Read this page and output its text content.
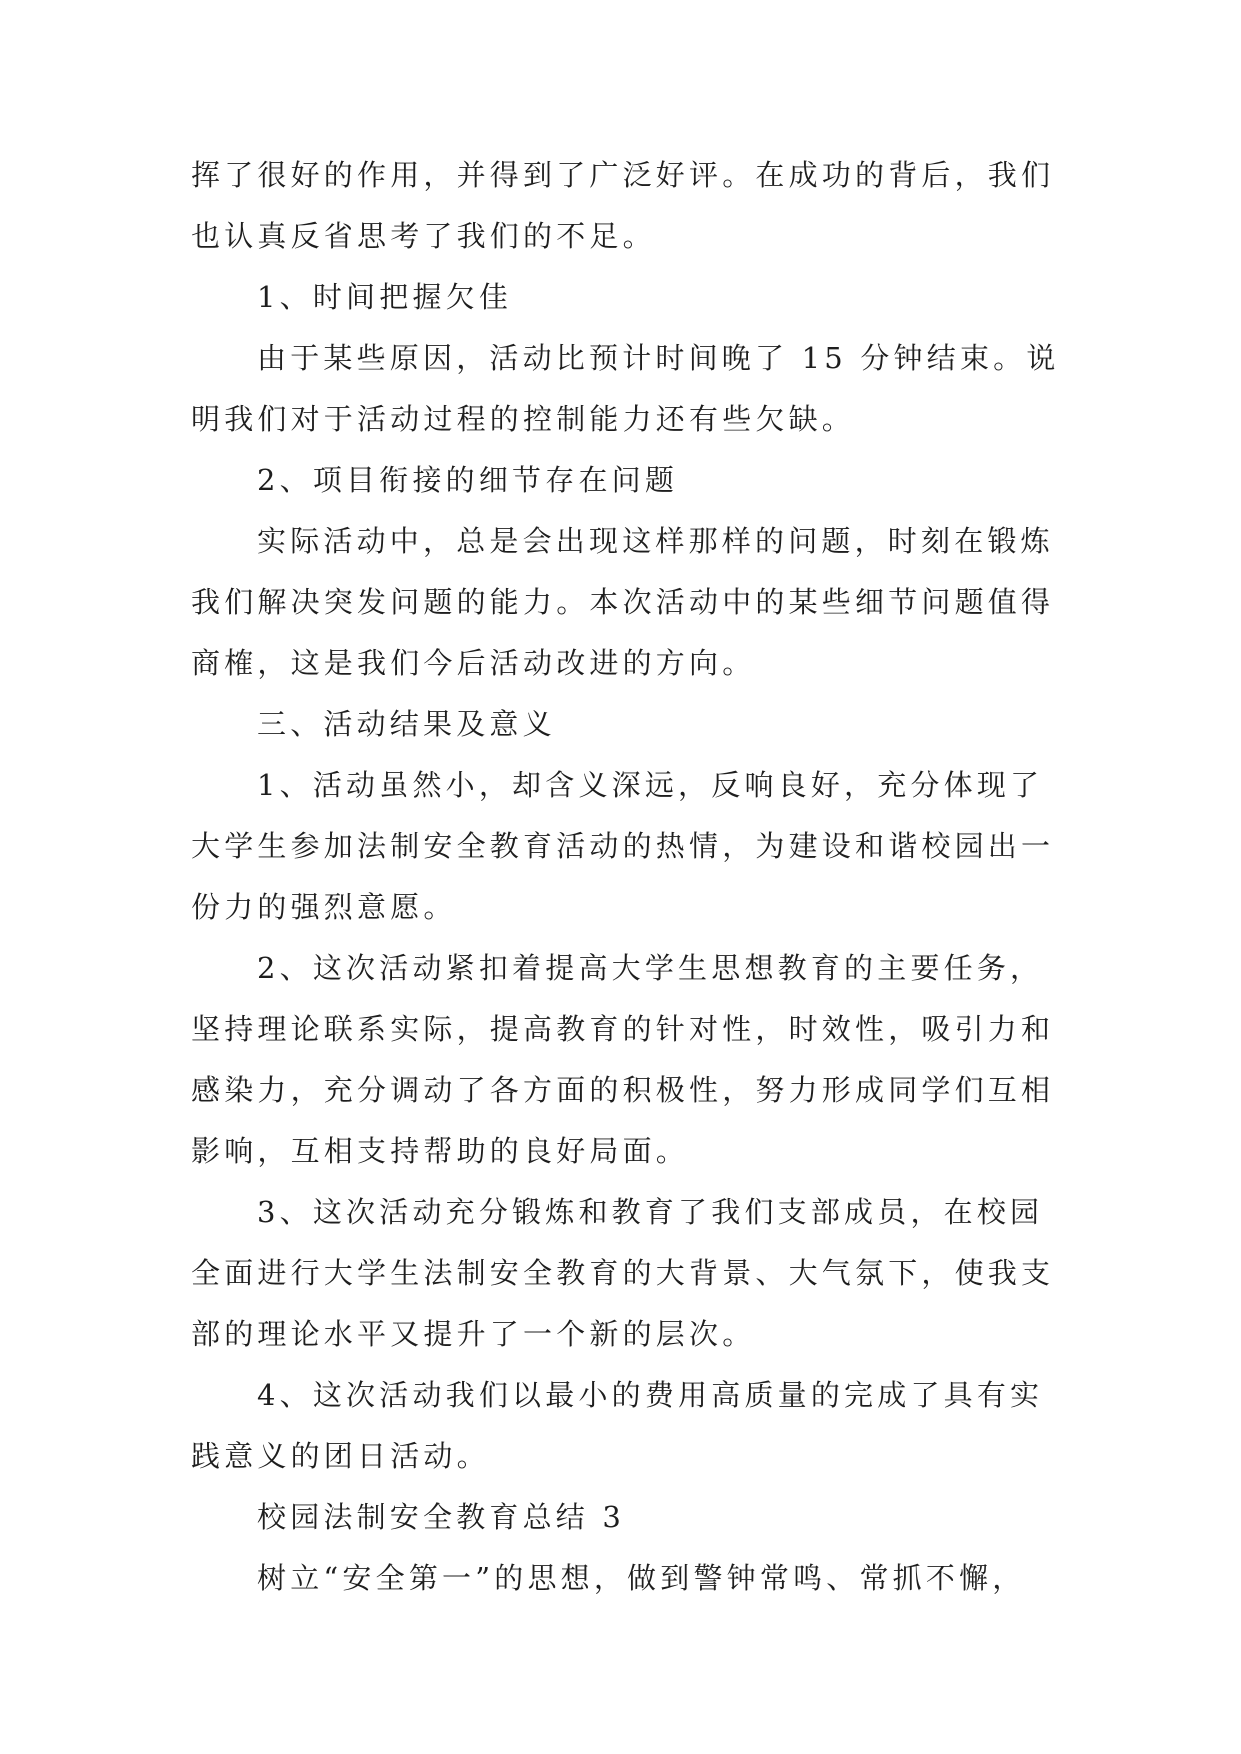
挥了很好的作用，并得到了广泛好评。在成功的背后，我们
也认真反省思考了我们的不足。
1、时间把握欠佳
由于某些原因，活动比预计时间晚了 15 分钟结束。说
明我们对于活动过程的控制能力还有些欠缺。
2、项目衔接的细节存在问题
实际活动中，总是会出现这样那样的问题，时刻在锻炼
我们解决突发问题的能力。本次活动中的某些细节问题值得
商榷，这是我们今后活动改进的方向。
三、活动结果及意义
1、活动虽然小，却含义深远，反响良好，充分体现了
大学生参加法制安全教育活动的热情，为建设和谐校园出一
份力的强烈意愿。
2、这次活动紧扣着提高大学生思想教育的主要任务，
坚持理论联系实际，提高教育的针对性，时效性，吸引力和
感染力，充分调动了各方面的积极性，努力形成同学们互相
影响，互相支持帮助的良好局面。
3、这次活动充分锻炼和教育了我们支部成员，在校园
全面进行大学生法制安全教育的大背景、大气氛下，使我支
部的理论水平又提升了一个新的层次。
4、这次活动我们以最小的费用高质量的完成了具有实
践意义的团日活动。
校园法制安全教育总结 3
树立“安全第一”的思想，做到警钟常鸣、常抓不懈，
